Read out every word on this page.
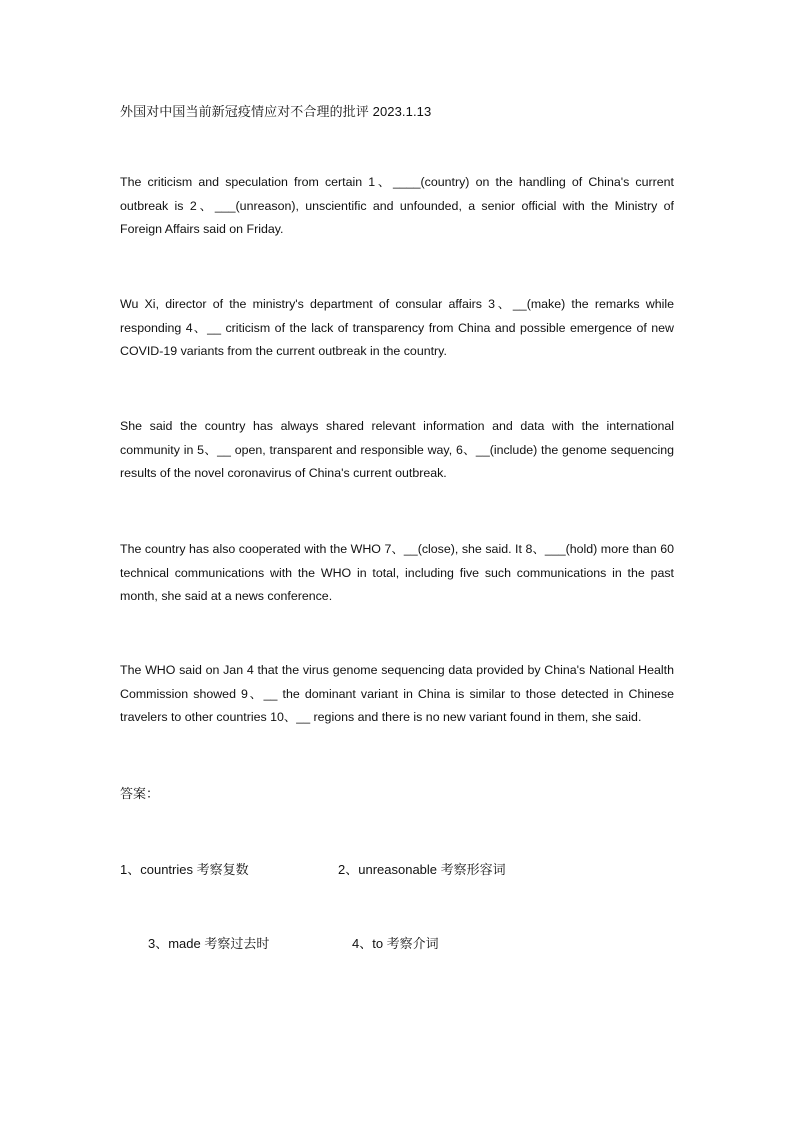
外国对中国当前新冠疫情应对不合理的批评 2023.1.13
The criticism and speculation from certain 1、____(country) on the handling of China's current outbreak is 2、___(unreason), unscientific and unfounded, a senior official with the Ministry of Foreign Affairs said on Friday.
Wu Xi, director of the ministry's department of consular affairs 3、__(make) the remarks while responding 4、__ criticism of the lack of transparency from China and possible emergence of new COVID-19 variants from the current outbreak in the country.
She said the country has always shared relevant information and data with the international community in 5、__ open, transparent and responsible way, 6、__(include) the genome sequencing results of the novel coronavirus of China's current outbreak.
The country has also cooperated with the WHO 7、__(close), she said. It 8、___(hold) more than 60 technical communications with the WHO in total, including five such communications in the past month, she said at a news conference.
The WHO said on Jan 4 that the virus genome sequencing data provided by China's National Health Commission showed 9、__ the dominant variant in China is similar to those detected in Chinese travelers to other countries 10、__ regions and there is no new variant found in them, she said.
答案：
1、countries 考察复数	2、unreasonable 考察形容词
3、made 考察过去时	4、to 考察介词
